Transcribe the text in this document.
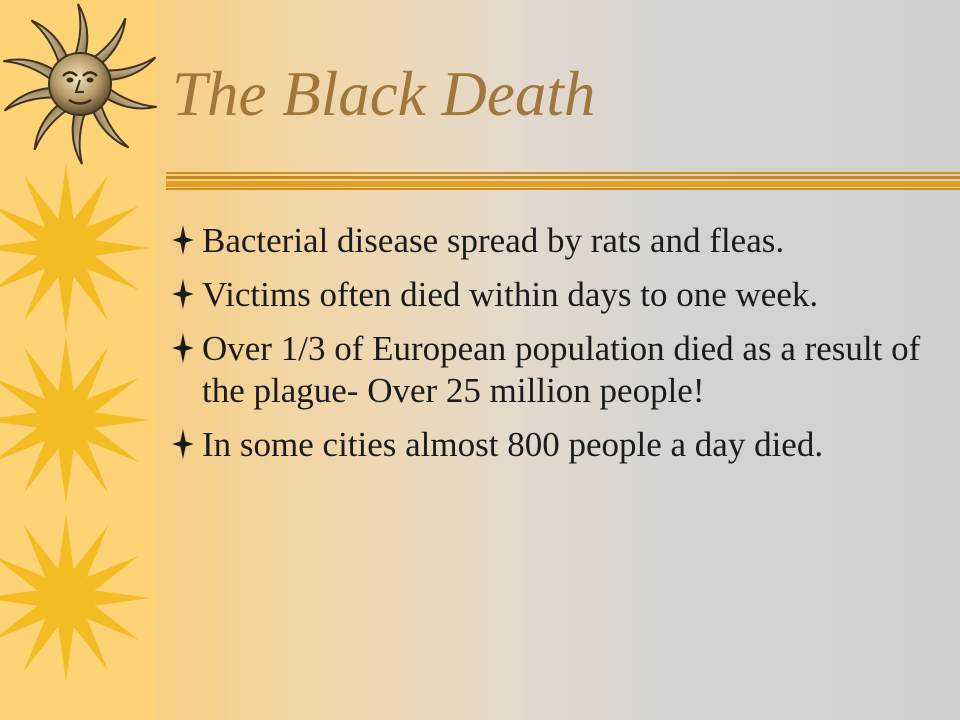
The Black Death
Bacterial disease spread by rats and fleas.
Victims often died within days to one week.
Over 1/3 of European population died as a result of the plague- Over 25 million people!
In some cities almost 800 people a day died.
